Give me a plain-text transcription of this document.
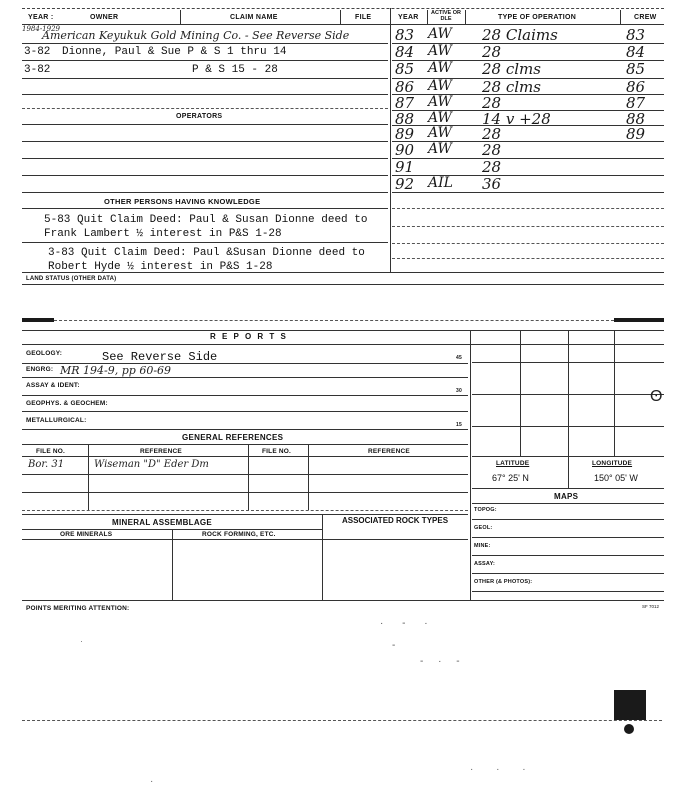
YEAR :	OWNER	CLAIM NAME	FILE	YEAR
ACTIVE OR DLE	TYPE OF OPERATION	CREW
1984-1929
American Keyukuk Gold Mining Co. - See Reverse Side
3-82 Dionne, Paul & Sue P & S 1 thru 14
3-82	P & S 15 - 28
OPERATORS
OTHER PERSONS HAVING KNOWLEDGE
5-83 Quit Claim Deed: Paul & Susan Dionne deed to
Frank Lambert ½ interest in P&S 1-28
3-83 Quit Claim Deed: Paul &Susan Dionne deed to
Robert Hyde ½ interest in P&S 1-28
83 AW 28 Claims	83
84 AW 28	84
85 AW 28 clms	85
86 AW 28 clms	86
87 AW 28	87
88 AW 14 v +28	88
89 AW 28	89
90 AW 28
91	28
92 AIL 36
LAND STATUS (OTHER DATA)
R E P O R T S
GEOLOGY:	See Reverse Side	45
ENGRG: MR 194-9, pp 60-69
ASSAY & IDENT:
30
GEOPHYS. & GEOCHEM:
METALLURGICAL:
15
GENERAL REFERENCES
FILE NO.	REFERENCE	FILE NO.	REFERENCE
Bor. 31	Wiseman "D" Eder Dm
MINERAL ASSEMBLAGE	ASSOCIATED ROCK TYPES
ORE MINERALS	ROCK FORMING, ETC.
ʘ
LATITUDE
67° 25' N
LONGITUDE
150° 05' W
MAPS
TOPOG:
GEOL:
MINE:
ASSAY:
OTHER (& PHOTOS):
POINTS MERITING ATTENTION:	SF 7012
· - ·
-
- · -
·
· · ·
·
